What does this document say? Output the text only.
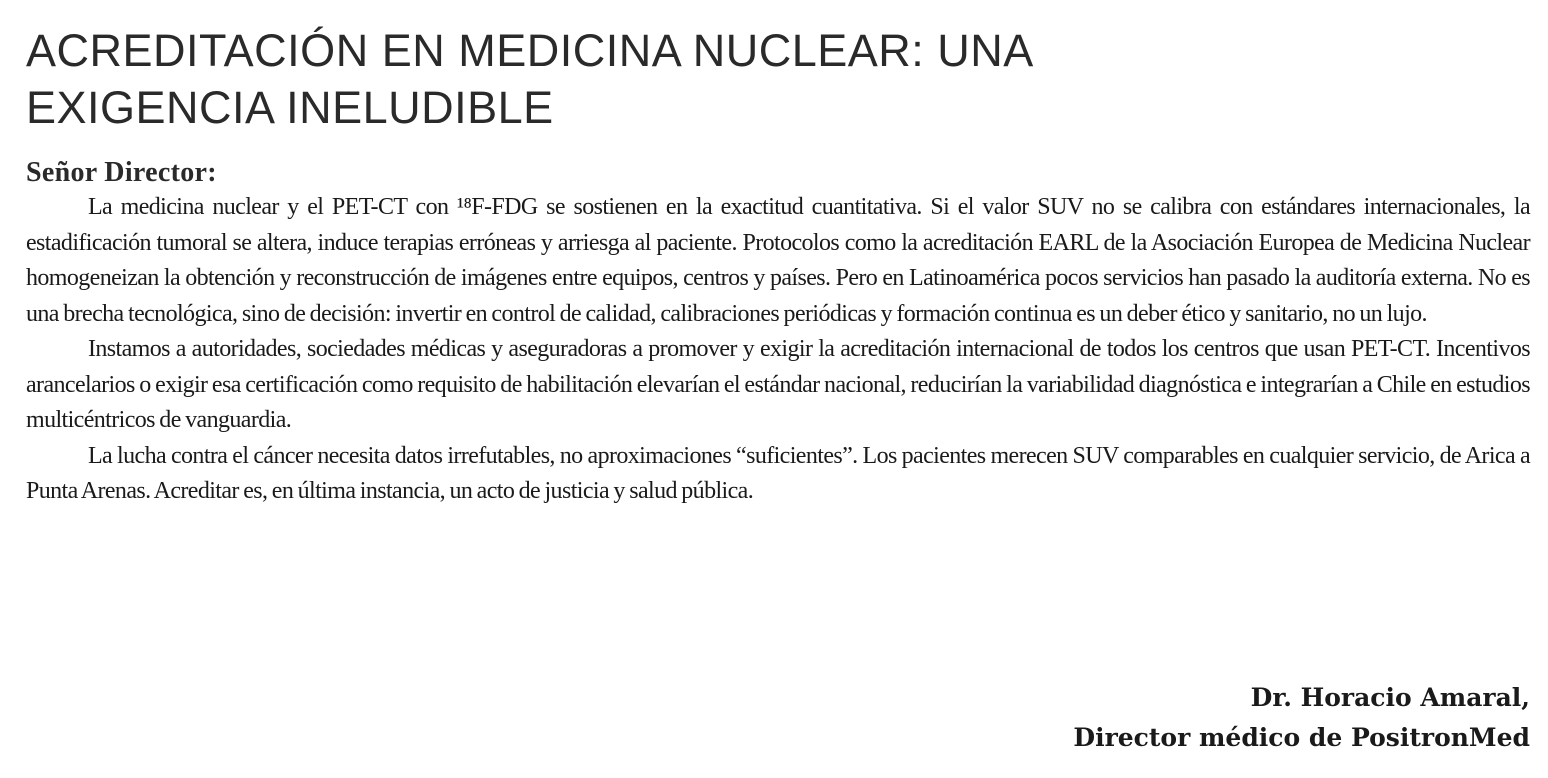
ACREDITACIÓN EN MEDICINA NUCLEAR: UNA
EXIGENCIA INELUDIBLE
Señor Director:

La medicina nuclear y el PET-CT con ¹⁸F-FDG se sostienen en la exactitud cuantitativa. Si el valor SUV no se calibra con estándares internacionales, la estadificación tumoral se altera, induce terapias erróneas y arriesga al paciente. Protocolos como la acreditación EARL de la Asociación Europea de Medicina Nuclear homogeneizan la obtención y reconstrucción de imágenes entre equipos, centros y países. Pero en Latinoamérica pocos servicios han pasado la auditoría externa. No es una brecha tecnológica, sino de decisión: invertir en control de calidad, calibraciones periódicas y formación continua es un deber ético y sanitario, no un lujo.

Instamos a autoridades, sociedades médicas y aseguradoras a promover y exigir la acreditación internacional de todos los centros que usan PET-CT. Incentivos arancelarios o exigir esa certificación como requisito de habilitación elevarían el estándar nacional, reducirían la variabilidad diagnóstica e integrarían a Chile en estudios multicéntricos de vanguardia.

La lucha contra el cáncer necesita datos irrefutables, no aproximaciones “suficientes”. Los pacientes merecen SUV comparables en cualquier servicio, de Arica a Punta Arenas. Acreditar es, en última instancia, un acto de justicia y salud pública.

Dr. Horacio Amaral,
Director médico de PositronMed
